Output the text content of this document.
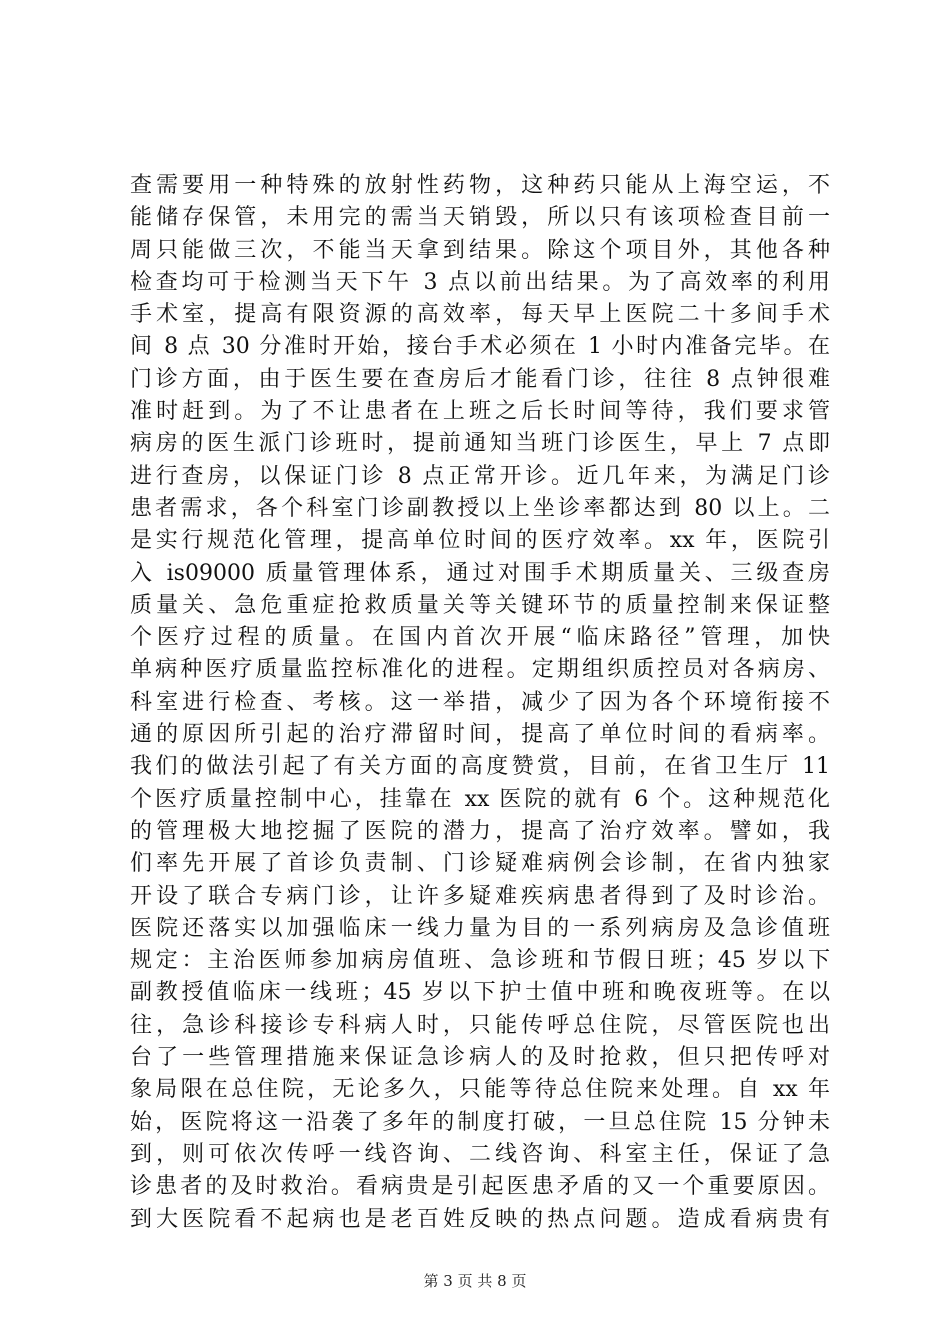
查需要用一种特殊的放射性药物，这种药只能从上海空运，不
能储存保管，未用完的需当天销毁，所以只有该项检查目前一
周只能做三次，不能当天拿到结果。除这个项目外，其他各种
检查均可于检测当天下午 3 点以前出结果。为了高效率的利用
手术室，提高有限资源的高效率，每天早上医院二十多间手术
间 8 点 30 分准时开始，接台手术必须在 1 小时内准备完毕。在
门诊方面，由于医生要在查房后才能看门诊，往往 8 点钟很难
准时赶到。为了不让患者在上班之后长时间等待，我们要求管
病房的医生派门诊班时，提前通知当班门诊医生，早上 7 点即
进行查房，以保证门诊 8 点正常开诊。近几年来，为满足门诊
患者需求，各个科室门诊副教授以上坐诊率都达到 80 以上。二
是实行规范化管理，提高单位时间的医疗效率。xx 年，医院引
入 is09000 质量管理体系，通过对围手术期质量关、三级查房
质量关、急危重症抢救质量关等关键环节的质量控制来保证整
个医疗过程的质量。在国内首次开展“临床路径”管理，加快
单病种医疗质量监控标准化的进程。定期组织质控员对各病房、
科室进行检查、考核。这一举措，减少了因为各个环境衔接不
通的原因所引起的治疗滞留时间，提高了单位时间的看病率。
我们的做法引起了有关方面的高度赞赏，目前，在省卫生厅 11
个医疗质量控制中心，挂靠在 xx 医院的就有 6 个。这种规范化
的管理极大地挖掘了医院的潜力，提高了治疗效率。譬如，我
们率先开展了首诊负责制、门诊疑难病例会诊制，在省内独家
开设了联合专病门诊，让许多疑难疾病患者得到了及时诊治。
医院还落实以加强临床一线力量为目的一系列病房及急诊值班
规定：主治医师参加病房值班、急诊班和节假日班；45 岁以下
副教授值临床一线班；45 岁以下护士值中班和晚夜班等。在以
往，急诊科接诊专科病人时，只能传呼总住院，尽管医院也出
台了一些管理措施来保证急诊病人的及时抢救，但只把传呼对
象局限在总住院，无论多久，只能等待总住院来处理。自 xx 年
始，医院将这一沿袭了多年的制度打破，一旦总住院 15 分钟未
到，则可依次传呼一线咨询、二线咨询、科室主任，保证了急
诊患者的及时救治。看病贵是引起医患矛盾的又一个重要原因。
到大医院看不起病也是老百姓反映的热点问题。造成看病贵有
第 3 页 共 8 页
